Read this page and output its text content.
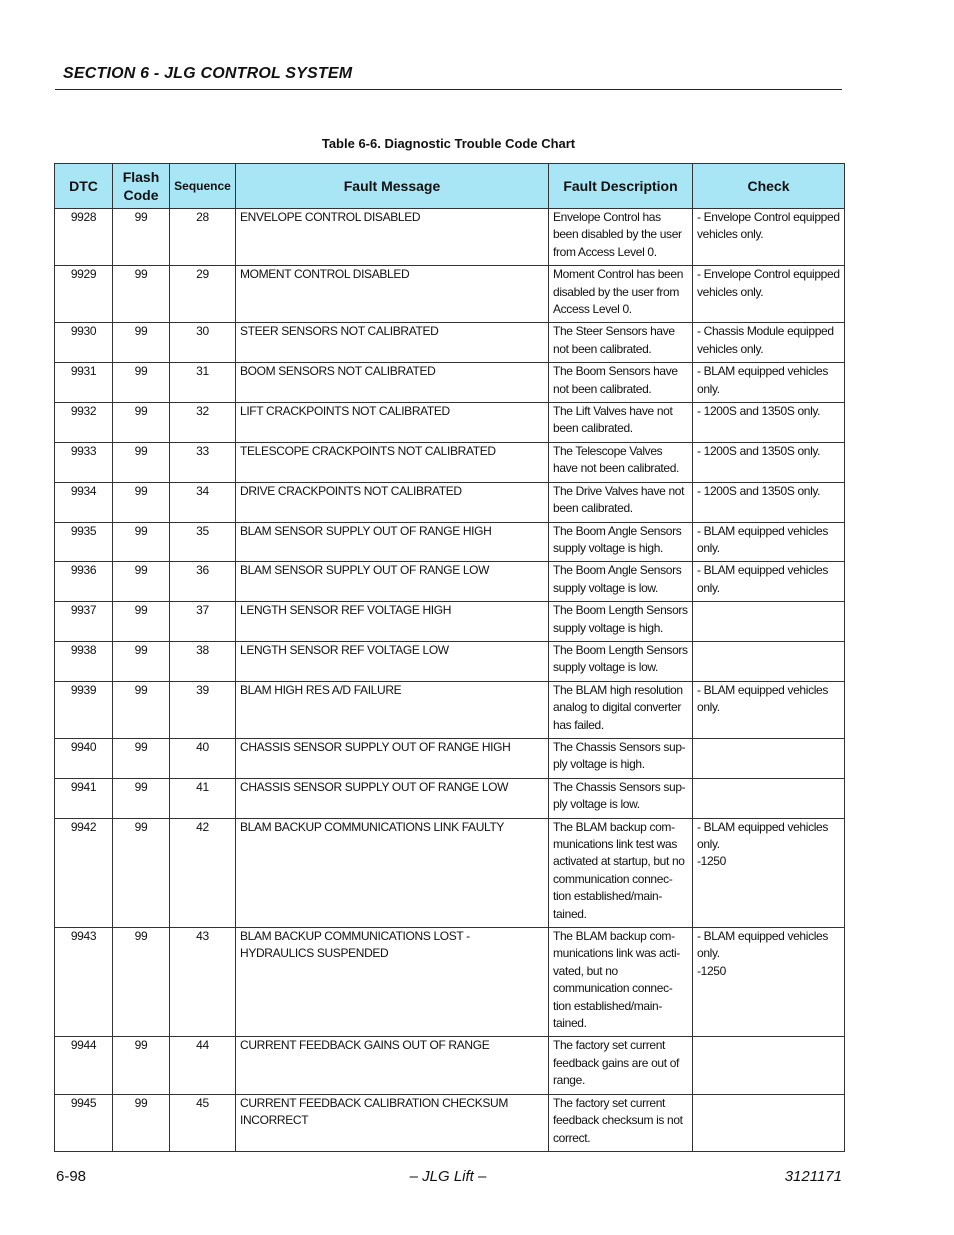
SECTION 6 - JLG CONTROL SYSTEM
Table 6-6. Diagnostic Trouble Code Chart
DTC	Flash Code	Sequence	Fault Message	Fault Description	Check
9928	99	28	ENVELOPE CONTROL DISABLED	Envelope Control has been disabled by the user from Access Level 0.	- Envelope Control equipped vehicles only.
9929	99	29	MOMENT CONTROL DISABLED	Moment Control has been disabled by the user from Access Level 0.	- Envelope Control equipped vehicles only.
9930	99	30	STEER SENSORS NOT CALIBRATED	The Steer Sensors have not been calibrated.	- Chassis Module equipped vehicles only.
9931	99	31	BOOM SENSORS NOT CALIBRATED	The Boom Sensors have not been calibrated.	- BLAM equipped vehicles only.
9932	99	32	LIFT CRACKPOINTS NOT CALIBRATED	The Lift Valves have not been calibrated.	- 1200S and 1350S only.
9933	99	33	TELESCOPE CRACKPOINTS NOT CALIBRATED	The Telescope Valves have not been calibrated.	- 1200S and 1350S only.
9934	99	34	DRIVE CRACKPOINTS NOT CALIBRATED	The Drive Valves have not been calibrated.	- 1200S and 1350S only.
9935	99	35	BLAM SENSOR SUPPLY OUT OF RANGE HIGH	The Boom Angle Sensors supply voltage is high.	- BLAM equipped vehicles only.
9936	99	36	BLAM SENSOR SUPPLY OUT OF RANGE LOW	The Boom Angle Sensors supply voltage is low.	- BLAM equipped vehicles only.
9937	99	37	LENGTH SENSOR REF VOLTAGE HIGH	The Boom Length Sensors supply voltage is high.	
9938	99	38	LENGTH SENSOR REF VOLTAGE LOW	The Boom Length Sensors supply voltage is low.	
9939	99	39	BLAM HIGH RES A/D FAILURE	The BLAM high resolution analog to digital converter has failed.	- BLAM equipped vehicles only.
9940	99	40	CHASSIS SENSOR SUPPLY OUT OF RANGE HIGH	The Chassis Sensors sup-ply voltage is high.	
9941	99	41	CHASSIS SENSOR SUPPLY OUT OF RANGE LOW	The Chassis Sensors sup-ply voltage is low.	
9942	99	42	BLAM BACKUP COMMUNICATIONS LINK FAULTY	The BLAM backup com-munications link test was activated at startup, but no communication connec-tion established/main-tained.	- BLAM equipped vehicles only.
-1250
9943	99	43	BLAM BACKUP COMMUNICATIONS LOST - HYDRAULICS SUSPENDED	The BLAM backup com-munications link was acti-vated, but no communication connec-tion established/main-tained.	- BLAM equipped vehicles only.
-1250
9944	99	44	CURRENT FEEDBACK GAINS OUT OF RANGE	The factory set current feedback gains are out of range.	
9945	99	45	CURRENT FEEDBACK CALIBRATION CHECKSUM INCORRECT	The factory set current feedback checksum is not correct.	
6-98	– JLG Lift –	3121171
